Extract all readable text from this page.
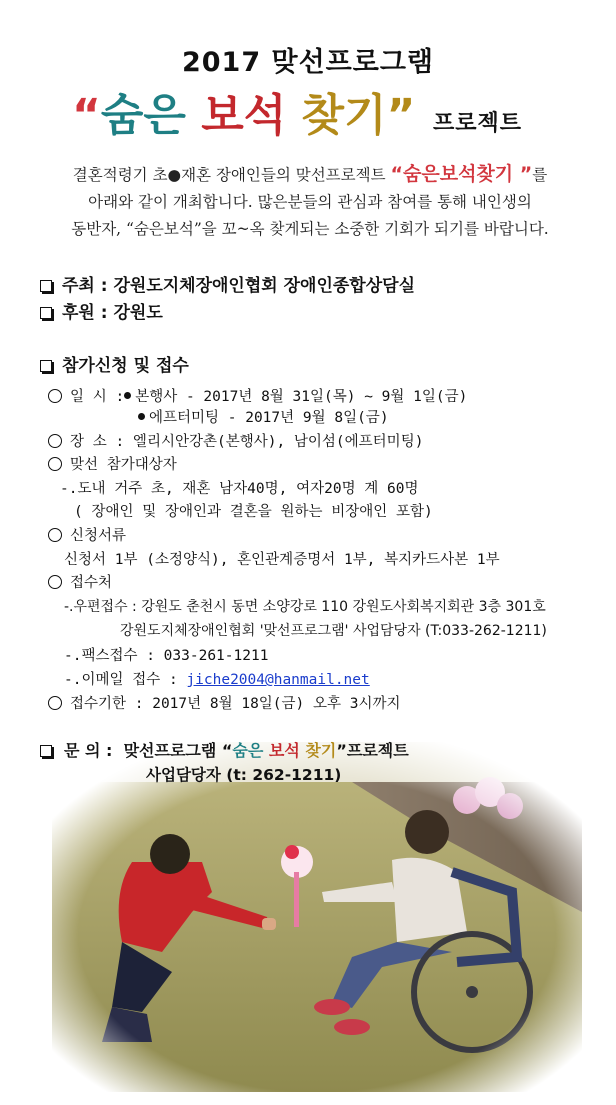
2017 맞선프로그램
“숨은 보석 찾기” 프로젝트
결혼적령기 초●재혼 장애인들의 맞선프로젝트 “숨은보석찾기 ”를
아래와 같이 개최합니다. 많은분들의 관심과 참여를 통해 내인생의
동반자, “숨은보석”을 꼬~옥 찾게되는 소중한 기회가 되기를 바랍니다.
주최 : 강원도지체장애인협회 장애인종합상담실
후원 : 강원도
참가신청 및 접수
일 시 : 본행사 - 2017년 8월 31일(목) ~ 9월 1일(금)
에프터미팅 - 2017년 9월 8일(금)
장 소 : 엘리시안강촌(본행사), 남이섬(에프터미팅)
맞선 참가대상자
-.도내 거주 초, 재혼 남자40명, 여자20명 계 60명
( 장애인 및 장애인과 결혼을 원하는 비장애인 포함)
신청서류
신청서 1부 (소정양식), 혼인관계증명서 1부, 복지카드사본 1부
접수처
-.우편접수 : 강원도 춘천시 동면 소양강로 110 강원도사회복지회관 3층 301호
강원도지체장애인협회 '맞선프로그램' 사업담당자 (T:033-262-1211)
-.팩스접수 : 033-261-1211
-.이메일 접수 : jiche2004@hanmail.net
접수기한 : 2017년 8월 18일(금) 오후 3시까지
문 의 : 맞선프로그램 “숨은 보석 찾기”프로젝트
사업담당자 (t: 262-1211)
